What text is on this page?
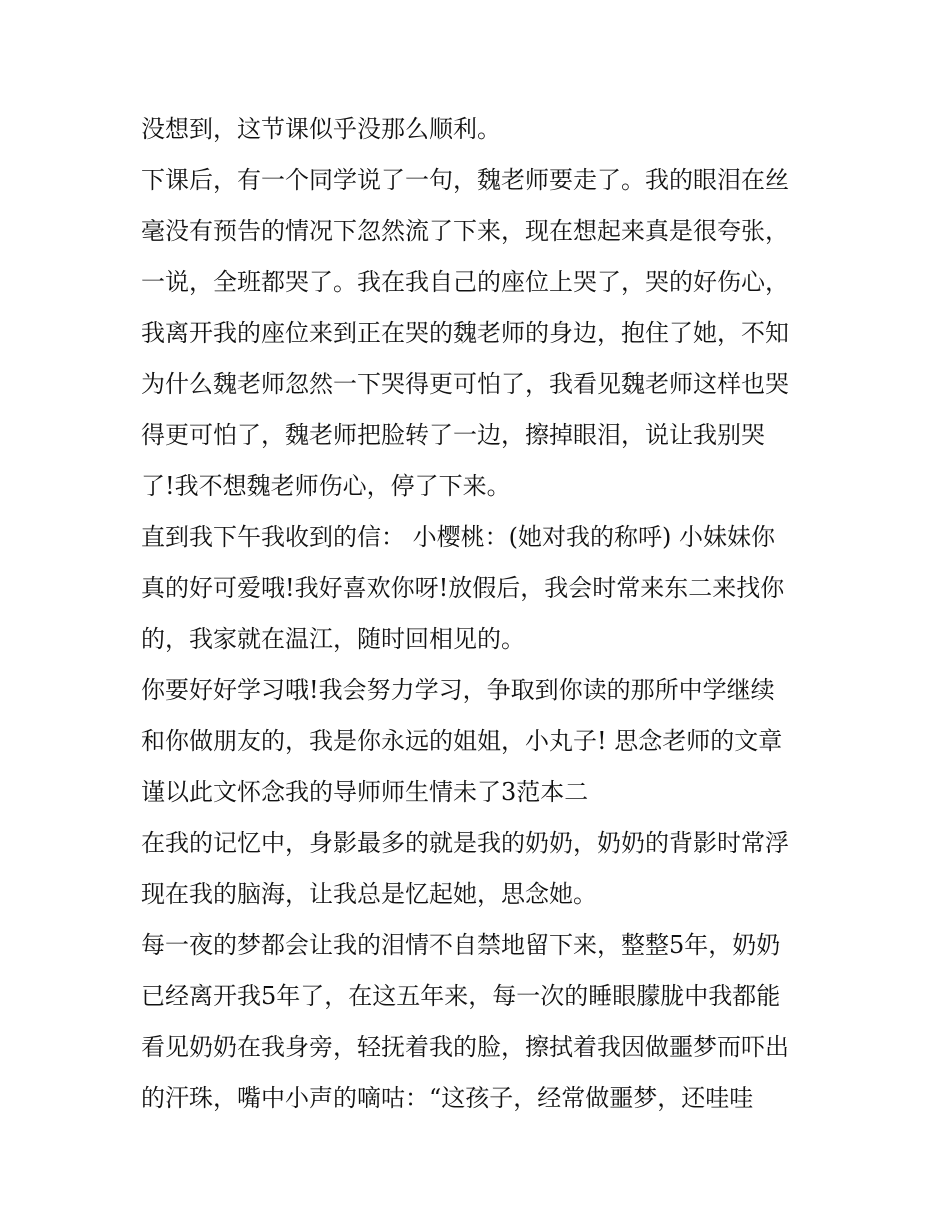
没想到，这节课似乎没那么顺利。
下课后，有一个同学说了一句，魏老师要走了。我的眼泪在丝
毫没有预告的情况下忽然流了下来，现在想起来真是很夸张，
一说，全班都哭了。我在我自己的座位上哭了，哭的好伤心，
我离开我的座位来到正在哭的魏老师的身边，抱住了她，不知
为什么魏老师忽然一下哭得更可怕了，我看见魏老师这样也哭
得更可怕了，魏老师把脸转了一边，擦掉眼泪，说让我别哭
了!我不想魏老师伤心，停了下来。
直到我下午我收到的信： 小樱桃：(她对我的称呼) 小妹妹你
真的好可爱哦!我好喜欢你呀!放假后，我会时常来东二来找你
的，我家就在温江，随时回相见的。
你要好好学习哦!我会努力学习，争取到你读的那所中学继续
和你做朋友的，我是你永远的姐姐，小丸子! 思念老师的文章
谨以此文怀念我的导师师生情未了3范本二
在我的记忆中，身影最多的就是我的奶奶，奶奶的背影时常浮
现在我的脑海，让我总是忆起她，思念她。
每一夜的梦都会让我的泪情不自禁地留下来，整整5年，奶奶
已经离开我5年了，在这五年来，每一次的睡眼朦胧中我都能
看见奶奶在我身旁，轻抚着我的脸，擦拭着我因做噩梦而吓出
的汗珠，嘴中小声的嘀咕：“这孩子，经常做噩梦，还哇哇
